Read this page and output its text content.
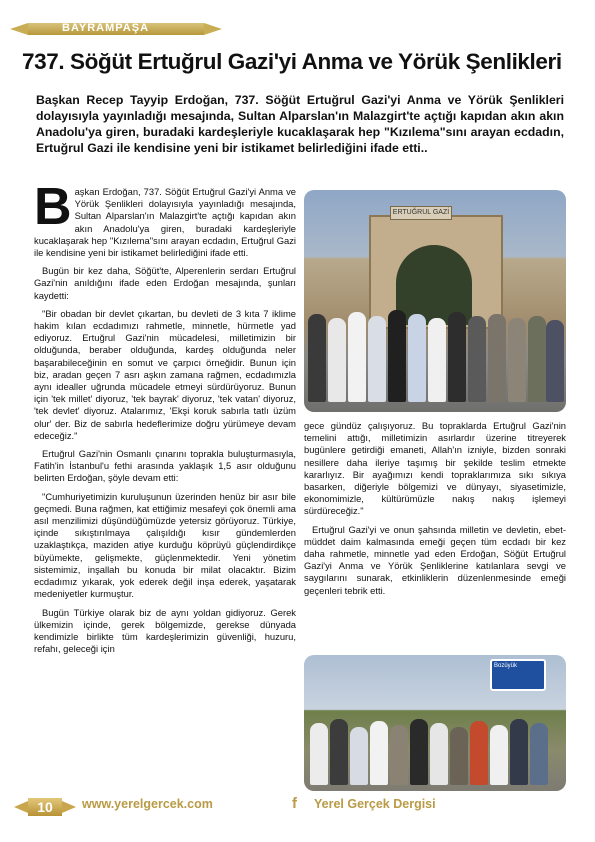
BAYRAMPAŞA
737. Söğüt Ertuğrul Gazi'yi Anma ve Yörük Şenlikleri
Başkan Recep Tayyip Erdoğan, 737. Söğüt Ertuğrul Gazi'yi Anma ve Yörük Şenlikleri dolayısıyla yayınladığı mesajında, Sultan Alparslan'ın Malazgirt'te açtığı kapıdan akın akın Anadolu'ya giren, buradaki kardeşleriyle kucaklaşarak hep "Kızılema"sını arayan ecdadın, Ertuğrul Gazi ile kendisine yeni bir istikamet belirlediğini ifade etti..

Başkan Erdoğan, 737. Söğüt Ertuğrul Gazi'yi Anma ve Yörük Şenlikleri dolayısıyla yayınladığı mesajında, Sultan Alparslan'ın Malazgirt'te açtığı kapıdan akın akın Anadolu'ya giren, buradaki kardeşleriyle kucaklaşarak hep "Kızılema"sını arayan ecdadın, Ertuğrul Gazi ile kendisine yeni bir istikamet belirlediğini ifade etti.

Bugün bir kez daha, Söğüt'te, Alperenlerin serdarı Ertuğrul Gazi'nin anıldığını ifade eden Erdoğan mesajında, şunları kaydetti:

"Bir obadan bir devlet çıkartan, bu devleti de 3 kıta 7 iklime hakim kılan ecdadımızı rahmetle, minnetle, hürmetle yad ediyoruz. Ertuğrul Gazi'nin mücadelesi, milletimizin bir olduğunda, beraber olduğunda, kardeş olduğunda neler başarabileceğinin en somut ve çarpıcı örneğidir. Bunun için biz, aradan geçen 7 asrı aşkın zamana rağmen, ecdadımızla aynı idealler uğrunda mücadele etmeyi sürdürüyoruz. Bunun için 'tek millet' diyoruz, 'tek bayrak' diyoruz, 'tek vatan' diyoruz, 'tek devlet' diyoruz. Atalarımız, 'Ekşi koruk sabırla tatlı üzüm olur' der. Biz de sabırla hedeflerimize doğru yürümeye devam edeceğiz."

Ertuğrul Gazi'nin Osmanlı çınarını toprakla buluşturmasıyla, Fatih'in İstanbul'u fethi arasında yaklaşık 1,5 asır olduğunu belirten Erdoğan, şöyle devam etti:

"Cumhuriyetimizin kuruluşunun üzerinden henüz bir asır bile geçmedi. Buna rağmen, kat ettiğimiz mesafeyi çok önemli ama asıl menzilimizi düşündüğümüzde yetersiz görüyoruz. Türkiye, içinde sıkıştırılmaya çalışıldığı kısır gündemlerden uzaklaştıkça, maziden atiye kurduğu köprüyü güçlendirdikçe büyümekte, gelişmekte, güçlenmektedir. Yeni yönetim sistemimiz, inşallah bu konuda bir milat olacaktır. Bizim ecdadımız yıkarak, yok ederek değil inşa ederek, yaşatarak medeniyetler kurmuştur.

Bugün Türkiye olarak biz de aynı yoldan gidiyoruz. Gerek ülkemizin içinde, gerek bölgemizde, gerekse dünyada kendimizle birlikte tüm kardeşlerimizin güvenliği, huzuru, refahı, geleceği için

ERTUĞRUL GAZİ

gece gündüz çalışıyoruz. Bu topraklarda Ertuğrul Gazi'nin temelini attığı, milletimizin asırlardır üzerine titreyerek bugünlere getirdiği emaneti, Allah'ın izniyle, bizden sonraki nesillere daha ileriye taşımış bir şekilde teslim etmekte kararlıyız. Bir ayağımızı kendi topraklarımıza sıkı sıkıya basarken, diğeriyle bölgemizi ve dünyayı, siyasetimizle, ekonomimizle, kültürümüzle nakış nakış işlemeyi sürdüreceğiz."

Ertuğrul Gazi'yi ve onun şahsında milletin ve devletin, ebet-müddet daim kalmasında emeği geçen tüm ecdadı bir kez daha rahmetle, minnetle yad eden Erdoğan, Söğüt Ertuğrul Gazi'yi Anma ve Yörük Şenliklerine katılanlara sevgi ve saygılarını sunarak, etkinliklerin düzenlenmesinde emeği geçenleri tebrik etti.

Bozüyük
10	www.yerelgercek.com	f Yerel Gerçek Dergisi
